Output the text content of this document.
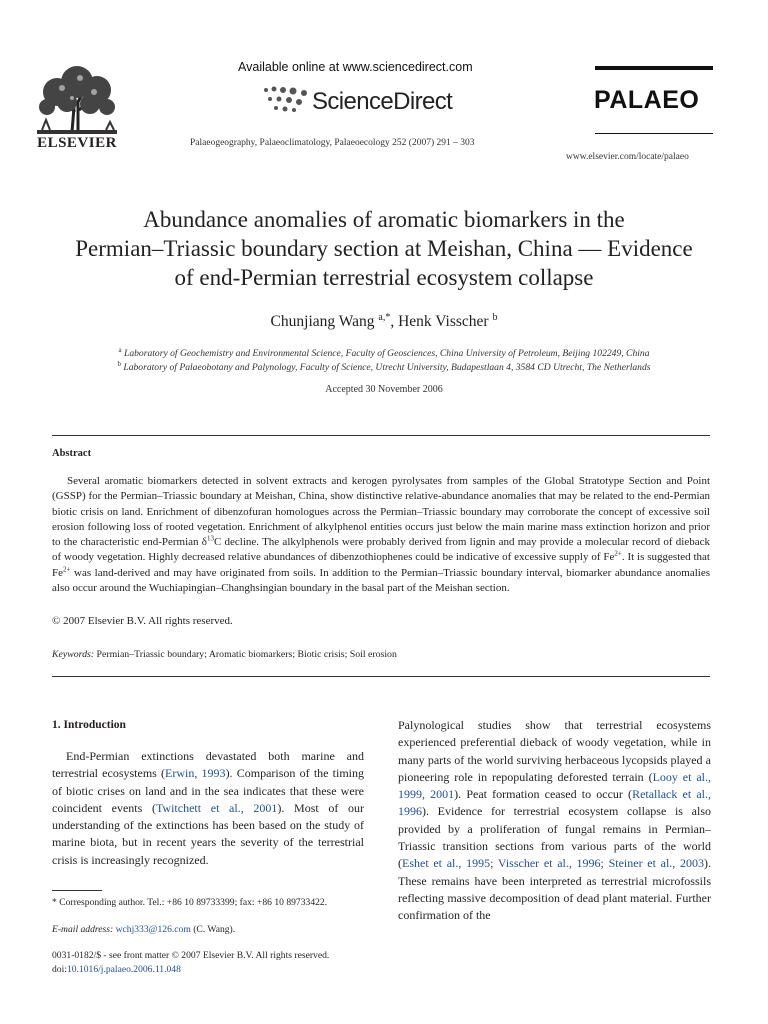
ELSEVIER
Available online at www.sciencedirect.com
ScienceDirect
Palaeogeography, Palaeoclimatology, Palaeoecology 252 (2007) 291 – 303
PALAEO
www.elsevier.com/locate/palaeo
Abundance anomalies of aromatic biomarkers in the
Permian–Triassic boundary section at Meishan, China — Evidence
of end-Permian terrestrial ecosystem collapse
Chunjiang Wang $^{a,*}$, Henk Visscher $^b$
$^a$ Laboratory of Geochemistry and Environmental Science, Faculty of Geosciences, China University of Petroleum, Beijing 102249, China
$^b$ Laboratory of Palaeobotany and Palynology, Faculty of Science, Utrecht University, Budapestlaan 4, 3584 CD Utrecht, The Netherlands
Accepted 30 November 2006
Abstract
Several aromatic biomarkers detected in solvent extracts and kerogen pyrolysates from samples of the Global Stratotype Section and Point (GSSP) for the Permian–Triassic boundary at Meishan, China, show distinctive relative-abundance anomalies that may be related to the end-Permian biotic crisis on land. Enrichment of dibenzofuran homologues across the Permian–Triassic boundary may corroborate the concept of excessive soil erosion following loss of rooted vegetation. Enrichment of alkylphenol entities occurs just below the main marine mass extinction horizon and prior to the characteristic end-Permian $\delta^{13}C$ decline. The alkylphenols were probably derived from lignin and may provide a molecular record of dieback of woody vegetation. Highly decreased relative abundances of dibenzothiophenes could be indicative of excessive supply of $Fe^{2+}$. It is suggested that $Fe^{2+}$ was land-derived and may have originated from soils. In addition to the Permian–Triassic boundary interval, biomarker abundance anomalies also occur around the Wuchiapingian–Changhsingian boundary in the basal part of the Meishan section.
© 2007 Elsevier B.V. All rights reserved.
Keywords: Permian–Triassic boundary; Aromatic biomarkers; Biotic crisis; Soil erosion
1. Introduction
End-Permian extinctions devastated both marine and terrestrial ecosystems (Erwin, 1993). Comparison of the timing of biotic crises on land and in the sea indicates that these were coincident events (Twitchett et al., 2001). Most of our understanding of the extinctions has been based on the study of marine biota, but in recent years the severity of the terrestrial crisis is increasingly recognized.
* Corresponding author. Tel.: +86 10 89733399; fax: +86 10 89733422.
E-mail address: wchj333@126.com (C. Wang).
0031-0182/$ - see front matter © 2007 Elsevier B.V. All rights reserved.
doi:10.1016/j.palaeo.2006.11.048
Palynological studies show that terrestrial ecosystems experienced preferential dieback of woody vegetation, while in many parts of the world surviving herbaceous lycopsids played a pioneering role in repopulating deforested terrain (Looy et al., 1999, 2001). Peat formation ceased to occur (Retallack et al., 1996). Evidence for terrestrial ecosystem collapse is also provided by a proliferation of fungal remains in Permian–Triassic transition sections from various parts of the world (Eshet et al., 1995; Visscher et al., 1996; Steiner et al., 2003). These remains have been interpreted as terrestrial microfossils reflecting massive decomposition of dead plant material. Further confirmation of the
